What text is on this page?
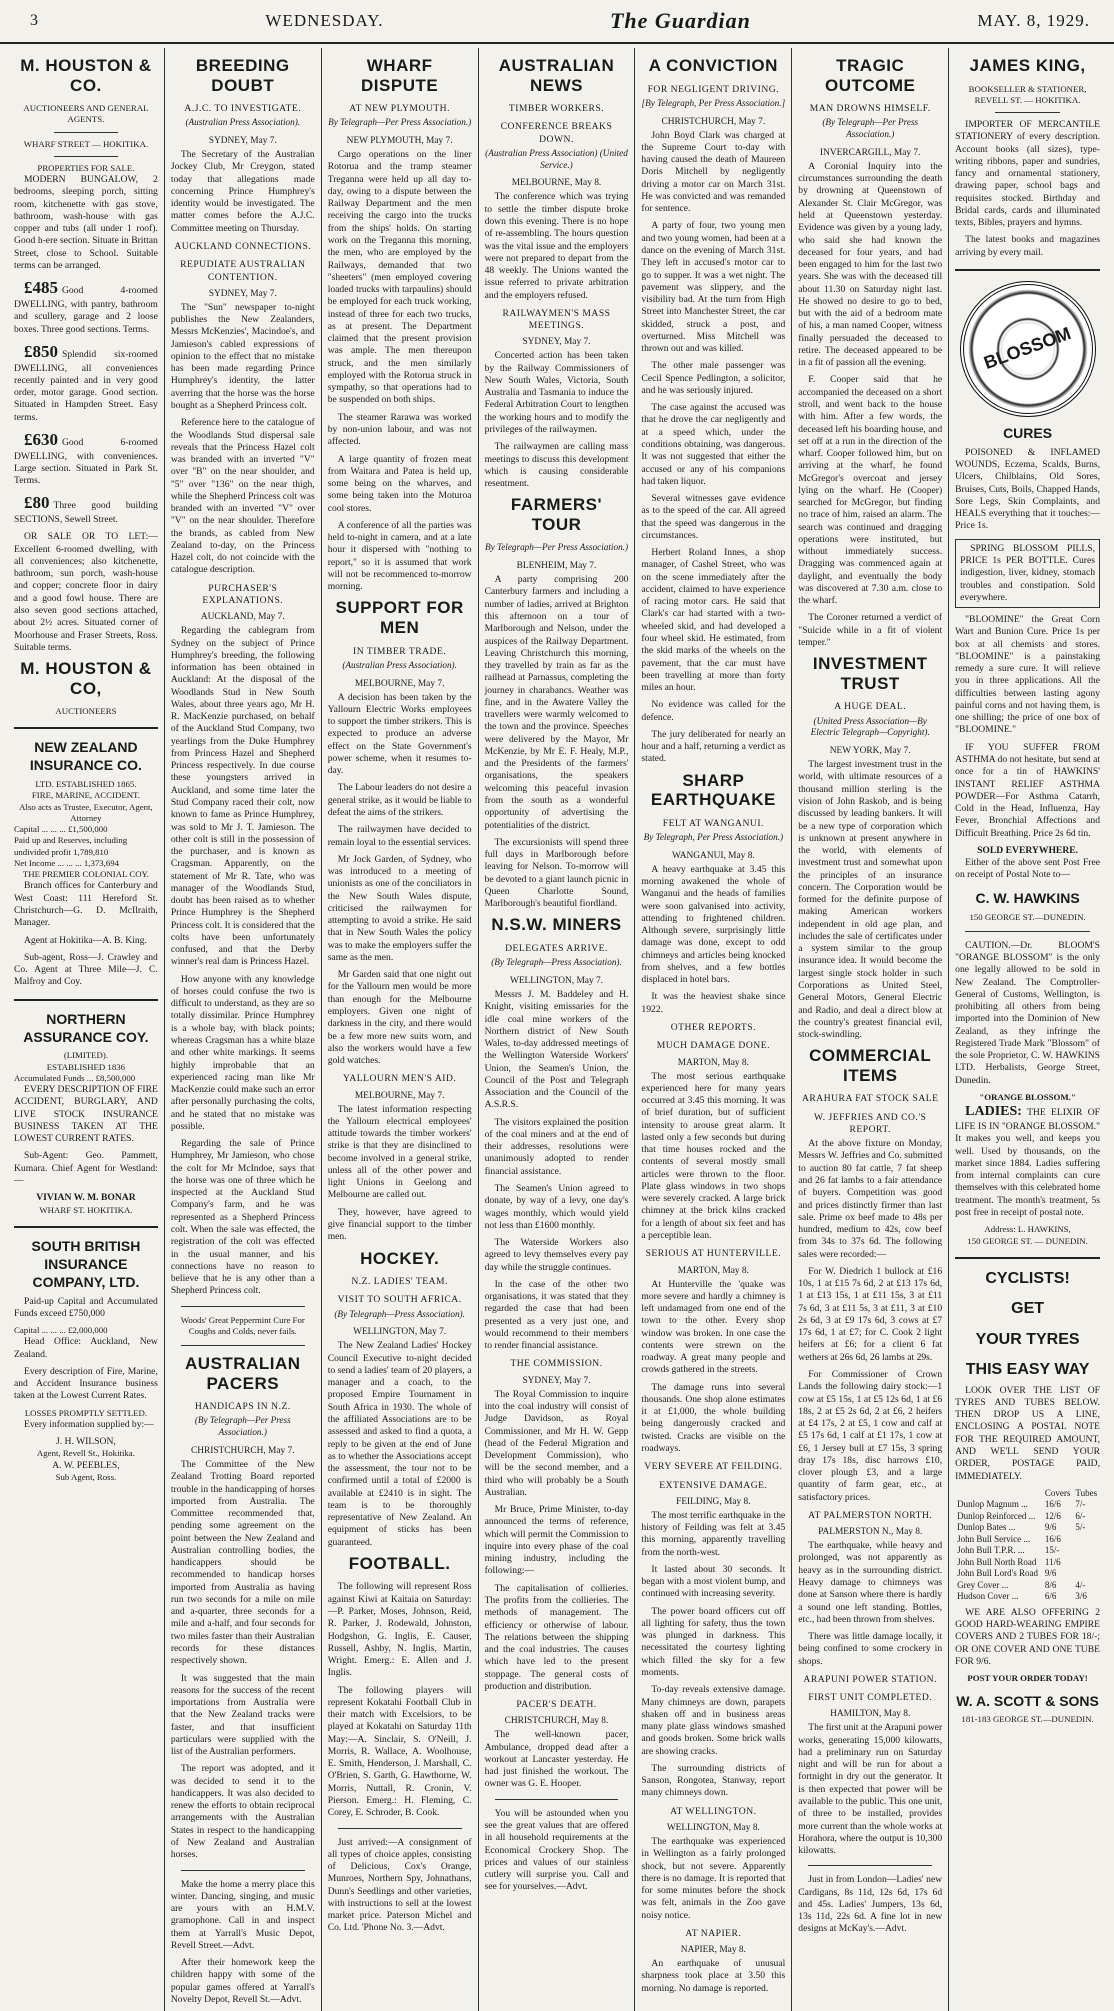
3	WEDNESDAY.	The Guardian	MAY. 8, 1929.
M. HOUSTON & CO.
AUCTIONEERS AND GENERAL AGENTS.
WHARF STREET — HOKITIKA.
PROPERTIES FOR SALE.

MODERN BUNGALOW, 2 bedrooms, sleeping porch, sitting room, kitchenette with gas stove, bathroom, wash-house with gas copper and tubs (all under 1 roof). Good h-ere section. Situate in Brittan Street, close to School. Suitable terms can be arranged.

£485 Good 4-roomed DWELLING, with pantry, bathroom and scullery, garage and 2 loose boxes. Three good sections. Terms.

£850 Splendid six-roomed DWELLING, all conveniences recently painted and in very good order, motor garage. Good section. Situated in Hampden Street. Easy terms.

£630 Good 6-roomed DWELLING, with conveniences. Large section. Situated in Park St. Terms.

£80 Three good building SECTIONS, Sewell Street.

OR SALE OR TO LET:—Excellent 6-roomed dwelling, with all conveniences; also kitchenette, bathroom, sun porch, wash-house and copper; concrete floor in dairy and a good fowl house. There are also seven good sections attached, about 2½ acres. Situated corner of Moorhouse and Fraser Streets, Ross. Suitable terms.

M. HOUSTON & CO,
AUCTIONEERS
NEW ZEALAND INSURANCE CO.
LTD. ESTABLISHED 1865.
FIRE, MARINE, ACCIDENT.
Also acts as Trustee, Executor, Agent, Attorney
Capital ... ... ... £1,500,000
Paid up and Reserves, including undivided profit 1,789,810
Net Income ... ... ... 1,373,694
THE PREMIER COLONIAL COY.

Branch offices for Canterbury and West Coast: 111 Hereford St. Christchurch—G. D. McIlraith, Manager.

Agent at Hokitika—A. B. King.

Sub-agent, Ross—J. Crawley and Co. Agent at Three Mile—J. C. Malfroy and Coy.

NORTHERN ASSURANCE COY.
(LIMITED).
ESTABLISHED 1836
Accumulated Funds ... £8,500,000

EVERY DESCRIPTION OF FIRE ACCIDENT, BURGLARY, AND LIVE STOCK INSURANCE BUSINESS TAKEN AT THE LOWEST CURRENT RATES.

Sub-Agent: Geo. Pammett, Kumara. Chief Agent for Westland:—

VIVIAN W. M. BONAR
WHARF ST. HOKITIKA.
SOUTH BRITISH INSURANCE COMPANY, LTD.

Paid-up Capital and Accumulated Funds exceed £750,000

Capital ... ... ... £2,000,000

Head Office: Auckland, New Zealand.

Every description of Fire, Marine, and Accident Insurance business taken at the Lowest Current Rates.

LOSSES PROMPTLY SETTLED.

Every information supplied by:—

J. H. WILSON,
Agent, Revell St., Hokitika.
A. W. PEEBLES,
Sub Agent, Ross.
BREEDING DOUBT
A.J.C. TO INVESTIGATE.
(Australian Press Association).
SYDNEY, May 7.

The Secretary of the Australian Jockey Club, Mr Creygon, stated today that allegations made concerning Prince Humphrey's identity would be investigated. The matter comes before the A.J.C. Committee meeting on Thursday.

AUCKLAND CONNECTIONS.
REPUDIATE AUSTRALIAN CONTENTION.
SYDNEY, May 7.

The "Sun" newspaper to-night publishes the New Zealanders, Messrs McKenzies', Macindoe's, and Jamieson's cabled expressions of opinion to the effect that no mistake has been made regarding Prince Humphrey's identity, the latter averring that the horse was the horse bought as a Shepherd Princess colt.

Reference here to the catalogue of the Woodlands Stud dispersal sale reveals that the Princess Hazel colt was branded with an inverted "V" over "B" on the near shoulder, and "5" over "136" on the near thigh, while the Shepherd Princess colt was branded with an inverted "V" over "V" on the near shoulder. Therefore the brands, as cabled from New Zealand to-day, on the Princess Hazel colt, do not coincide with the catalogue description.

PURCHASER'S EXPLANATIONS.
AUCKLAND, May 7.

Regarding the cablegram from Sydney on the subject of Prince Humphrey's breeding, the following information has been obtained in Auckland: At the disposal of the Woodlands Stud in New South Wales, about three years ago, Mr H. R. MacKenzie purchased, on behalf of the Auckland Stud Company, two yearlings from the Duke Humphrey from Princess Hazel and Shepherd Princess respectively. In due course these youngsters arrived in Auckland, and some time later the Stud Company raced their colt, now known to fame as Prince Humphrey, was sold to Mr J. T. Jamieson. The other colt is still in the possession of the purchaser, and is known as Cragsman. Apparently, on the statement of Mr R. Tate, who was manager of the Woodlands Stud, doubt has been raised as to whether Prince Humphrey is the Shepherd Princess colt. It is considered that the colts have been unfortunately confused, and that the Derby winner's real dam is Princess Hazel.

How anyone with any knowledge of horses could confuse the two is difficult to understand, as they are so totally dissimilar. Prince Humphrey is a whole bay, with black points; whereas Cragsman has a white blaze and other white markings. It seems highly improbable that an experienced racing man like Mr MacKenzie could make such an error after personally purchasing the colts, and he stated that no mistake was possible.

Regarding the sale of Prince Humphrey, Mr Jamieson, who chose the colt for Mr McIndoe, says that the horse was one of three which he inspected at the Auckland Stud Company's farm, and he was represented as a Shepherd Princess colt. When the sale was effected, the registration of the colt was effected in the usual manner, and his connections have no reason to believe that he is any other than a Shepherd Princess colt.

Woods' Great Peppermint Cure For Coughs and Colds, never fails.
AUSTRALIAN PACERS
HANDICAPS IN N.Z.
(By Telegraph—Per Press Association.)
CHRISTCHURCH, May 7.

The Committee of the New Zealand Trotting Board reported trouble in the handicapping of horses imported from Australia. The Committee recommended that, pending some agreement on the point between the New Zealand and Australian controlling bodies, the handicappers should be recommended to handicap horses imported from Australia as having run two seconds for a mile on mile and a-quarter, three seconds for a mile and a-half, and four seconds for two miles faster than their Australian records for these distances respectively shown.

It was suggested that the main reasons for the success of the recent importations from Australia were that the New Zealand tracks were faster, and that insufficient particulars were supplied with the list of the Australian performers.

The report was adopted, and it was decided to send it to the handicappers. It was also decided to renew the efforts to obtain reciprocal arrangements with the Australian States in respect to the handicapping of New Zealand and Australian horses.

Make the home a merry place this winter. Dancing, singing, and music are yours with an H.M.V. gramophone. Call in and inspect them at Yarrall's Music Depot, Revell Street.—Advt.

After their homework keep the children happy with some of the popular games offered at Yarrall's Novelty Depot, Revell St.—Advt.

WHARF DISPUTE
AT NEW PLYMOUTH.
By Telegraph—Per Press Association.)
NEW PLYMOUTH, May 7.

Cargo operations on the liner Rotorua and the tramp steamer Treganna were held up all day to-day, owing to a dispute between the Railway Department and the men receiving the cargo into the trucks from the ships' holds. On starting work on the Treganna this morning, the men, who are employed by the Railways, demanded that two "sheeters" (men employed covering loaded trucks with tarpaulins) should be employed for each truck working, instead of three for each two trucks, as at present. The Department claimed that the present provision was ample. The men thereupon struck, and the men similarly employed with the Rotorua struck in sympathy, so that operations had to be suspended on both ships.

The steamer Rarawa was worked by non-union labour, and was not affected.

A large quantity of frozen meat from Waitara and Patea is held up, some being on the wharves, and some being taken into the Moturoa cool stores.

A conference of all the parties was held to-night in camera, and at a late hour it dispersed with "nothing to report," so it is assumed that work will not be recommenced to-morrow morning.

SUPPORT FOR MEN
IN TIMBER TRADE.
(Australian Press Association).
MELBOURNE, May 7.

A decision has been taken by the Yallourn Electric Works employees to support the timber strikers. This is expected to produce an adverse effect on the State Government's power scheme, when it resumes to-day.

The Labour leaders do not desire a general strike, as it would be liable to defeat the aims of the strikers.

The railwaymen have decided to remain loyal to the essential services.

Mr Jock Garden, of Sydney, who was introduced to a meeting of unionists as one of the conciliators in the New South Wales dispute, criticised the railwaymen for attempting to avoid a strike. He said that in New South Wales the policy was to make the employers suffer the same as the men.

Mr Garden said that one night out for the Yallourn men would be more than enough for the Melbourne employers. Given one night of darkness in the city, and there would be a few more new suits worn, and also the workers would have a few gold watches.

YALLOURN MEN'S AID.
MELBOURNE, May 7.

The latest information respecting the Yallourn electrical employees' attitude towards the timber workers' strike is that they are disinclined to become involved in a general strike, unless all of the other power and light Unions in Geelong and Melbourne are called out.

They, however, have agreed to give financial support to the timber men.

HOCKEY.
N.Z. LADIES' TEAM.
VISIT TO SOUTH AFRICA.
(By Telegraph—Press Association).
WELLINGTON, May 7.

The New Zealand Ladies' Hockey Council Executive to-night decided to send a ladies' team of 20 players, a manager and a coach, to the proposed Empire Tournament in South Africa in 1930. The whole of the affiliated Associations are to be assessed and asked to find a quota, a reply to be given at the end of June as to whether the Associations accept the assessment, the tour not to be confirmed until a total of £2000 is available at £2410 is in sight. The team is to be thoroughly representative of New Zealand. An equipment of sticks has been guaranteed.

FOOTBALL.

The following will represent Ross against Kiwi at Kaitaia on Saturday:—P. Parker, Moses, Johnson, Reid, R. Parker, J. Rodewald, Johnston, Hodgshon, G. Inglis, E. Causer, Russell, Ashby, N. Inglis, Martin, Wright. Emerg.: E. Allen and J. Inglis.

The following players will represent Kokatahi Football Club in their match with Excelsiors, to be played at Kokatahi on Saturday 11th May:—A. Sinclair, S. O'Neill, J. Morris, R. Wallace, A. Woolhouse, E. Smith, Henderson, J. Marshall, C. O'Brien, S. Garth, G. Hawthorne, W. Morris, Nuttall, R. Cronin, V. Pierson. Emerg.: H. Fleming, C. Corey, E. Schroder, B. Cook.

Just arrived:—A consignment of all types of choice apples, consisting of Delicious, Cox's Orange, Munroes, Northern Spy, Johnathans, Dunn's Seedlings and other varieties, with instructions to sell at the lowest market price. Paterson Michel and Co. Ltd. 'Phone No. 3.—Advt.

AUSTRALIAN NEWS
TIMBER WORKERS.
CONFERENCE BREAKS DOWN.
(Australian Press Association) (United Service.)
MELBOURNE, May 8.

The conference which was trying to settle the timber dispute broke down this evening. There is no hope of re-assembling. The hours question was the vital issue and the employers were not prepared to depart from the 48 weekly. The Unions wanted the issue referred to private arbitration and the employers refused.

RAILWAYMEN'S MASS MEETINGS.
SYDNEY, May 7.

Concerted action has been taken by the Railway Commissioners of New South Wales, Victoria, South Australia and Tasmania to induce the Federal Arbitration Court to lengthen the working hours and to modify the privileges of the railwaymen.

The railwaymen are calling mass meetings to discuss this development which is causing considerable resentment.

FARMERS' TOUR
By Telegraph—Per Press Association.)
BLENHEIM, May 7.

A party comprising 200 Canterbury farmers and including a number of ladies, arrived at Brighton this afternoon on a tour of Marlborough and Nelson, under the auspices of the Railway Department. Leaving Christchurch this morning, they travelled by train as far as the railhead at Parnassus, completing the journey in charabancs. Weather was fine, and in the Awatere Valley the travellers were warmly welcomed to the town and the province. Speeches were delivered by the Mayor, Mr McKenzie, by Mr E. F. Healy, M.P., and the Presidents of the farmers' organisations, the speakers welcoming this peaceful invasion from the south as a wonderful opportunity of advertising the potentialities of the district.

The excursionists will spend three full days in Marlborough before leaving for Nelson. To-morrow will be devoted to a giant launch picnic in Queen Charlotte Sound, Marlborough's beautiful fiordland.

N.S.W. MINERS
DELEGATES ARRIVE.
(By Telegraph—Press Association).
WELLINGTON, May 7.

Messrs J. M. Baddeley and H. Knight, visiting emissaries for the idle coal mine workers of the Northern district of New South Wales, to-day addressed meetings of the Wellington Waterside Workers' Union, the Seamen's Union, the Council of the Post and Telegraph Association and the Council of the A.S.R.S.

The visitors explained the position of the coal miners and at the end of their addresses, resolutions were unanimously adopted to render financial assistance.

The Seamen's Union agreed to donate, by way of a levy, one day's wages monthly, which would yield not less than £1600 monthly.

The Waterside Workers also agreed to levy themselves every pay day while the struggle continues.

In the case of the other two organisations, it was stated that they regarded the case that had been presented as a very just one, and would recommend to their members to render financial assistance.

THE COMMISSION.
SYDNEY, May 7.

The Royal Commission to inquire into the coal industry will consist of Judge Davidson, as Royal Commissioner, and Mr H. W. Gepp (head of the Federal Migration and Development Commission), who will be the second member, and a third who will probably be a South Australian.

Mr Bruce, Prime Minister, to-day announced the terms of reference, which will permit the Commission to inquire into every phase of the coal mining industry, including the following:—

The capitalisation of collieries. The profits from the collieries. The methods of management. The efficiency or otherwise of labour. The relations between the shipping and the coal industries. The causes which have led to the present stoppage. The general costs of production and distribution.

PACER'S DEATH.
CHRISTCHURCH, May 8.

The well-known pacer, Ambulance, dropped dead after a workout at Lancaster yesterday. He had just finished the workout. The owner was G. E. Hooper.

You will be astounded when you see the great values that are offered in all household requirements at the Economical Crockery Shop. The prices and values of our stainless cutlery will surprise you. Call and see for yourselves.—Advt.

A CONVICTION
FOR NEGLIGENT DRIVING.
[By Telegraph, Per Press Association.]
CHRISTCHURCH, May 7.

John Boyd Clark was charged at the Supreme Court to-day with having caused the death of Maureen Doris Mitchell by negligently driving a motor car on March 31st. He was convicted and was remanded for sentence.

A party of four, two young men and two young women, had been at a dance on the evening of March 31st. They left in accused's motor car to go to supper. It was a wet night. The pavement was slippery, and the visibility bad. At the turn from High Street into Manchester Street, the car skidded, struck a post, and overturned. Miss Mitchell was thrown out and was killed.

The other male passenger was Cecil Spence Pedlington, a solicitor, and he was seriously injured.

The case against the accused was that he drove the car negligently and at a speed which, under the conditions obtaining, was dangerous. It was not suggested that either the accused or any of his companions had taken liquor.

Several witnesses gave evidence as to the speed of the car. All agreed that the speed was dangerous in the circumstances.

Herbert Roland Innes, a shop manager, of Cashel Street, who was on the scene immediately after the accident, claimed to have experience of racing motor cars. He said that Clark's car had started with a two-wheeled skid, and had developed a four wheel skid. He estimated, from the skid marks of the wheels on the pavement, that the car must have been travelling at more than forty miles an hour.

No evidence was called for the defence.

The jury deliberated for nearly an hour and a half, returning a verdict as stated.

SHARP EARTHQUAKE
FELT AT WANGANUI.
By Telegraph, Per Press Association.)
WANGANUI, May 8.

A heavy earthquake at 3.45 this morning awakened the whole of Wanganui and the heads of families were soon galvanised into activity, attending to frightened children. Although severe, surprisingly little damage was done, except to odd chimneys and articles being knocked from shelves, and a few bottles displaced in hotel bars.

It was the heaviest shake since 1922.

OTHER REPORTS.
MUCH DAMAGE DONE.
MARTON, May 8.

The most serious earthquake experienced here for many years occurred at 3.45 this morning. It was of brief duration, but of sufficient intensity to arouse great alarm. It lasted only a few seconds but during that time houses rocked and the contents of several mostly small articles were thrown to the floor. Plate glass windows in two shops were severely cracked. A large brick chimney at the brick kilns cracked for a length of about six feet and has a perceptible lean.

SERIOUS AT HUNTERVILLE.
MARTON, May 8.

At Hunterville the 'quake was more severe and hardly a chimney is left undamaged from one end of the town to the other. Every shop window was broken. In one case the contents were strewn on the roadway. A great many people and crowds gathered in the streets.

The damage runs into several thousands. One shop alone estimates it at £1,000, the whole building being dangerously cracked and twisted. Cracks are visible on the roadways.

VERY SEVERE AT FEILDING.
EXTENSIVE DAMAGE.
FEILDING, May 8.

The most terrific earthquake in the history of Feilding was felt at 3.45 this morning, apparently travelling from the north-west.

It lasted about 30 seconds. It began with a most violent bump, and continued with increasing severity.

The power board officers cut off all lighting for safety, thus the town was plunged in darkness. This necessitated the courtesy lighting which filled the sky for a few moments.

To-day reveals extensive damage. Many chimneys are down, parapets shaken off and in business areas many plate glass windows smashed and goods broken. Some brick walls are showing cracks.

The surrounding districts of Sanson, Rongotea, Stanway, report many chimneys down.

AT WELLINGTON.
WELLINGTON, May 8.

The earthquake was experienced in Wellington as a fairly prolonged shock, but not severe. Apparently there is no damage. It is reported that for some minutes before the shock was felt, animals in the Zoo gave noisy notice.

AT NAPIER.
NAPIER, May 8.

An earthquake of unusual sharpness took place at 3.50 this morning. No damage is reported.

TRAGIC OUTCOME
MAN DROWNS HIMSELF.
(By Telegraph—Per Press Association.)
INVERCARGILL, May 7.

A Coronial Inquiry into the circumstances surrounding the death by drowning at Queenstown of Alexander St. Clair McGregor, was held at Queenstown yesterday. Evidence was given by a young lady, who said she had known the deceased for four years, and had been engaged to him for the last two years. She was with the deceased till about 11.30 on Saturday night last. He showed no desire to go to bed, but with the aid of a bedroom mate of his, a man named Cooper, witness finally persuaded the deceased to retire. The deceased appeared to be in a fit of passion all the evening.

F. Cooper said that he accompanied the deceased on a short stroll, and went back to the house with him. After a few words, the deceased left his boarding house, and set off at a run in the direction of the wharf. Cooper followed him, but on arriving at the wharf, he found McGregor's overcoat and jersey lying on the wharf. He (Cooper) searched for McGregor, but finding no trace of him, raised an alarm. The search was continued and dragging operations were instituted, but without immediately success. Dragging was commenced again at daylight, and eventually the body was discovered at 7.30 a.m. close to the wharf.

The Coroner returned a verdict of "Suicide while in a fit of violent temper."

INVESTMENT TRUST
A HUGE DEAL.
(United Press Association—By Electric Telegraph—Copyright).
NEW YORK, May 7.

The largest investment trust in the world, with ultimate resources of a thousand million sterling is the vision of John Raskob, and is being discussed by leading bankers. It will be a new type of corporation which is unknown at present anywhere in the world, with elements of investment trust and somewhat upon the principles of an insurance concern. The Corporation would be formed for the definite purpose of making American workers independent in old age plan, and includes the sale of certificates under a system similar to the group insurance idea. It would become the largest single stock holder in such Corporations as United Steel, General Motors, General Electric and Radio, and deal a direct blow at the country's greatest financial evil, stock-swindling.

COMMERCIAL ITEMS
ARAHURA FAT STOCK SALE
W. JEFFRIES AND CO.'S REPORT.

At the above fixture on Monday, Messrs W. Jeffries and Co. submitted to auction 80 fat cattle, 7 fat sheep and 26 fat lambs to a fair attendance of buyers. Competition was good and prices distinctly firmer than last sale. Prime ox beef made to 48s per hundred, medium to 42s, cow beef from 34s to 37s 6d. The following sales were recorded:—

For W. Diedrich 1 bullock at £16 10s, 1 at £15 7s 6d, 2 at £13 17s 6d, 1 at £13 15s, 1 at £11 15s, 3 at £11 7s 6d, 3 at £11 5s, 3 at £11, 3 at £10 2s 6d, 3 at £9 17s 6d, 3 cows at £7 17s 6d, 1 at £7; for C. Cook 2 light heifers at £6; for a client 6 fat wethers at 26s 6d, 26 lambs at 29s.

For Commissioner of Crown Lands the following dairy stock:—1 cow at £5 15s, 1 at £5 12s 6d, 1 at £6 18s, 2 at £5 2s 6d, 2 at £6, 2 heifers at £4 17s, 2 at £5, 1 cow and calf at £5 17s 6d, 1 calf at £1 17s, 1 cow at £6, 1 Jersey bull at £7 15s, 3 spring dray 17s 18s, disc harrows £10, clover plough £3, and a large quantity of farm gear, etc., at satisfactory prices.

AT PALMERSTON NORTH.
PALMERSTON N., May 8.

The earthquake, while heavy and prolonged, was not apparently as heavy as in the surrounding district. Heavy damage to chimneys was done at Sanson where there is hardly a sound one left standing. Bottles, etc., had been thrown from shelves.

There was little damage locally, it being confined to some crockery in shops.

ARAPUNI POWER STATION.
FIRST UNIT COMPLETED.
HAMILTON, May 8.

The first unit at the Arapuni power works, generating 15,000 kilowatts, had a preliminary run on Saturday night and will be run for about a fortnight in dry out the generator. It is then expected that power will be available to the public. This one unit, of three to be installed, provides more current than the whole works at Horahora, where the output is 10,300 kilowatts.

Just in from London—Ladies' new Cardigans, 8s 11d, 12s 6d, 17s 6d and 45s. Ladies' Jumpers, 13s 6d, 13s 11d, 22s 6d. A fine lot in new designs at McKay's.—Advt.

JAMES KING,
BOOKSELLER & STATIONER,
REVELL ST. — HOKITIKA.

IMPORTER OF MERCANTILE STATIONERY of every description. Account books (all sizes), type-writing ribbons, paper and sundries, fancy and ornamental stationery, drawing paper, school bags and requisites stocked. Birthday and Bridal cards, cards and illuminated texts, Bibles, prayers and hymns.

The latest books and magazines arriving by every mail.

BLOSSOM
CURES

POISONED & INFLAMED WOUNDS, Eczema, Scalds, Burns, Ulcers, Chilblains, Old Sores, Bruises, Cuts, Boils, Chapped Hands, Sore Legs, Skin Complaints, and HEALS everything that it touches:—Price 1s.

SPRING BLOSSOM PILLS, PRICE 1s PER BOTTLE. Cures indigestion, liver, kidney, stomach troubles and constipation. Sold everywhere.

"BLOOMINE" the Great Corn Wart and Bunion Cure. Price 1s per box at all chemists and stores. "BLOOMINE" is a painstaking remedy a sure cure. It will relieve you in three applications. All the difficulties between lasting agony painful corns and not having them, is one shilling; the price of one box of "BLOOMINE."

IF YOU SUFFER FROM ASTHMA do not hesitate, but send at once for a tin of HAWKINS' INSTANT RELIEF ASTHMA POWDER—For Asthma Catarrh, Cold in the Head, Influenza, Hay Fever, Bronchial Affections and Difficult Breathing. Price 2s 6d tin.

SOLD EVERYWHERE.

Either of the above sent Post Free on receipt of Postal Note to—

C. W. HAWKINS
150 GEORGE ST.—DUNEDIN.

CAUTION.—Dr. BLOOM'S "ORANGE BLOSSOM" is the only one legally allowed to be sold in New Zealand. The Comptroller-General of Customs, Wellington, is prohibiting all others from being imported into the Dominion of New Zealand, as they infringe the Registered Trade Mark "Blossom" of the sole Proprietor, C. W. HAWKINS LTD. Herbalists, George Street, Dunedin.

"ORANGE BLOSSOM."

LADIES: THE ELIXIR OF LIFE IS IN "ORANGE BLOSSOM." It makes you well, and keeps you well. Used by thousands, on the market since 1884. Ladies suffering from internal complaints can cure themselves with this celebrated home treatment. The month's treatment, 5s post free in receipt of postal note.

Address: L. HAWKINS,
150 GEORGE ST. — DUNEDIN.
CYCLISTS!
GET
YOUR TYRES
THIS EASY WAY

LOOK OVER THE LIST OF TYRES AND TUBES BELOW. THEN DROP US A LINE, ENCLOSING A POSTAL NOTE FOR THE REQUIRED AMOUNT, AND WE'LL SEND YOUR ORDER, POSTAGE PAID, IMMEDIATELY.

	Covers	Tubes
Dunlop Magnum ...	16/6	7/-
Dunlop Reinforced ...	12/6	6/-
Dunlop Bates ...	9/6	5/-
John Bull Service ...	16/6	
John Bull T.P.R. ...	15/-	
John Bull North Road	11/6	
John Bull Lord's Road	9/6	
Grey Cover ...	8/6	4/-
Hudson Cover ...	6/6	3/6

WE ARE ALSO OFFERING 2 GOOD HARD-WEARING EMPIRE COVERS AND 2 TUBES FOR 18/-; OR ONE COVER AND ONE TUBE FOR 9/6.

POST YOUR ORDER TODAY!
W. A. SCOTT & SONS
181-183 GEORGE ST.—DUNEDIN.
